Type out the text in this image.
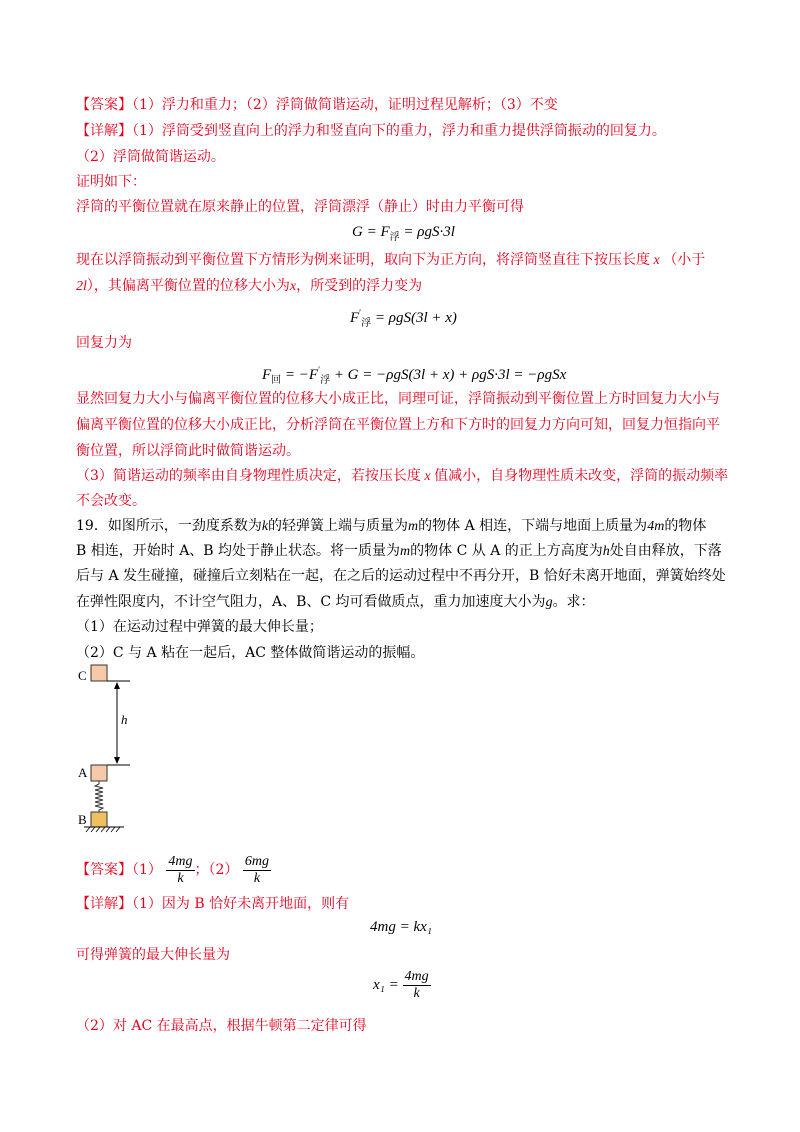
【答案】（1）浮力和重力；（2）浮筒做简谐运动，证明过程见解析；（3）不变
【详解】（1）浮筒受到竖直向上的浮力和竖直向下的重力，浮力和重力提供浮筒振动的回复力。
（2）浮筒做简谐运动。
证明如下：
浮筒的平衡位置就在原来静止的位置，浮筒漂浮（静止）时由力平衡可得
$G = F_浮 = \rho gS\cdot 3l$
现在以浮筒振动到平衡位置下方情形为例来证明，取向下为正方向，将浮筒竖直往下按压长度 x （小于
2l），其偏离平衡位置的位移大小为x，所受到的浮力变为
$F'_浮 = \rho gS(3l + x)$
回复力为
$F_回 = -F'_浮 + G = -\rho gS(3l + x) + \rho gS\cdot 3l = -\rho gSx$
显然回复力大小与偏离平衡位置的位移大小成正比，同理可证，浮筒振动到平衡位置上方时回复力大小与
偏离平衡位置的位移大小成正比，分析浮筒在平衡位置上方和下方时的回复力方向可知，回复力恒指向平
衡位置，所以浮筒此时做简谐运动。
（3）简谐运动的频率由自身物理性质决定，若按压长度 x 值减小，自身物理性质未改变，浮筒的振动频率
不会改变。
19．如图所示，一劲度系数为k的轻弹簧上端与质量为m的物体 A 相连，下端与地面上质量为4m的物体
B 相连，开始时 A、B 均处于静止状态。将一质量为m的物体 C 从 A 的正上方高度为h处自由释放，下落
后与 A 发生碰撞，碰撞后立刻粘在一起，在之后的运动过程中不再分开，B 恰好未离开地面，弹簧始终处
在弹性限度内，不计空气阻力，A、B、C 均可看做质点，重力加速度大小为g。求：
（1）在运动过程中弹簧的最大伸长量；
（2）C 与 A 粘在一起后，AC 整体做简谐运动的振幅。
C
h
A
B
【答案】$(1) \frac{4mg}{k}$ ；$(2) \frac{6mg}{k}$
【详解】（1）因为 B 恰好未离开地面，则有
4mg = kx₁
可得弹簧的最大伸长量为
$x_1 = \frac{4mg}{k}$
（2）对 AC 在最高点，根据牛顿第二定律可得
